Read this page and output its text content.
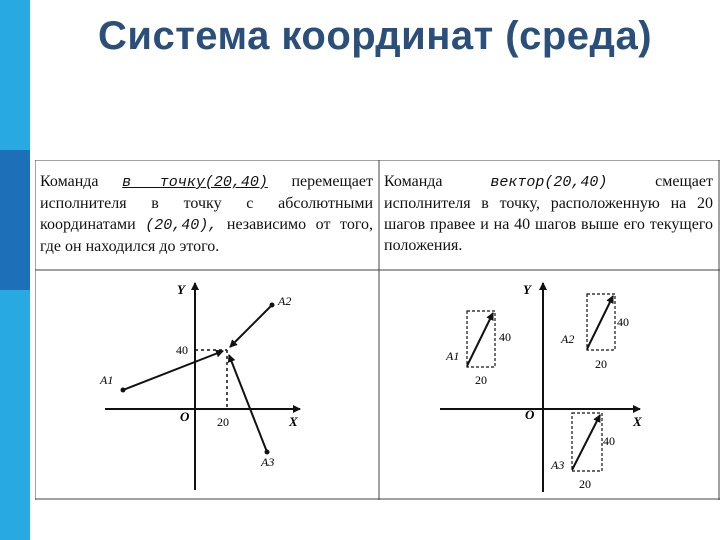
Система координат (среда)
Y
X
O
40
20
A1
A2
A3
Y
X
O
A1
40
20
A2
40
20
A3
40
20
Команда в точку(20,40) перемещает исполнителя в точку с абсолютными координатами (20,40), независимо от того, где он находился до этого.
Команда	вектор(20,40)	смещает исполнителя в точку, расположенную на 20 шагов правее и на 40 шагов выше его текущего положения.
